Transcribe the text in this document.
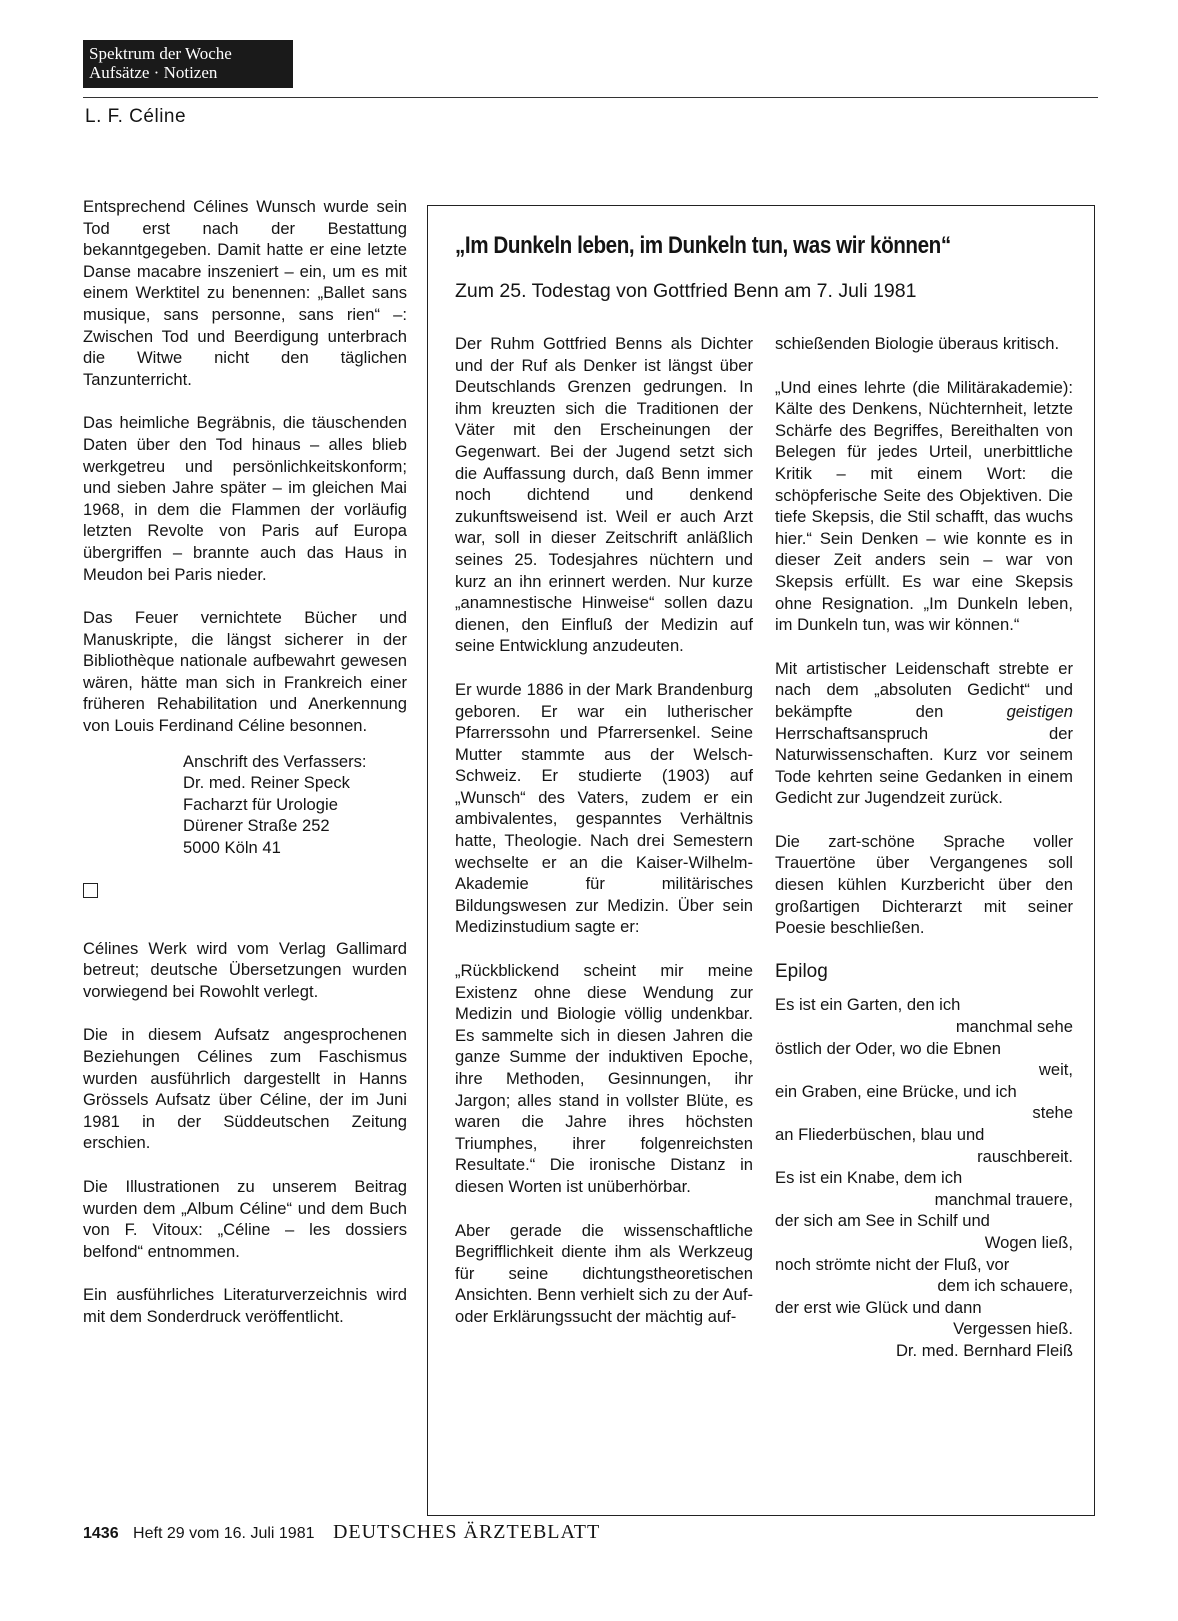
Spektrum der Woche
Aufsätze · Notizen
L. F. Céline

Entsprechend Célines Wunsch wurde sein Tod erst nach der Bestattung bekanntgegeben. Damit hatte er eine letzte Danse macabre inszeniert – ein, um es mit einem Werktitel zu benennen: „Ballet sans musique, sans personne, sans rien“ –: Zwischen Tod und Beerdigung unterbrach die Witwe nicht den täglichen Tanzunterricht.

Das heimliche Begräbnis, die täuschenden Daten über den Tod hinaus – alles blieb werkgetreu und persönlichkeitskonform; und sieben Jahre später – im gleichen Mai 1968, in dem die Flammen der vorläufig letzten Revolte von Paris auf Europa übergriffen – brannte auch das Haus in Meudon bei Paris nieder.

Das Feuer vernichtete Bücher und Manuskripte, die längst sicherer in der Bibliothèque nationale aufbewahrt gewesen wären, hätte man sich in Frankreich einer früheren Rehabilitation und Anerkennung von Louis Ferdinand Céline besonnen.

Anschrift des Verfassers:
Dr. med. Reiner Speck
Facharzt für Urologie
Dürener Straße 252
5000 Köln 41

Célines Werk wird vom Verlag Gallimard betreut; deutsche Übersetzungen wurden vorwiegend bei Rowohlt verlegt.

Die in diesem Aufsatz angesprochenen Beziehungen Célines zum Faschismus wurden ausführlich dargestellt in Hanns Grössels Aufsatz über Céline, der im Juni 1981 in der Süddeutschen Zeitung erschien.

Die Illustrationen zu unserem Beitrag wurden dem „Album Céline“ und dem Buch von F. Vitoux: „Céline – les dossiers belfond“ entnommen.

Ein ausführliches Literaturverzeichnis wird mit dem Sonderdruck veröffentlicht.

„Im Dunkeln leben, im Dunkeln tun, was wir können“
Zum 25. Todestag von Gottfried Benn am 7. Juli 1981

Der Ruhm Gottfried Benns als Dichter und der Ruf als Denker ist längst über Deutschlands Grenzen gedrungen. In ihm kreuzten sich die Traditionen der Väter mit den Erscheinungen der Gegenwart. Bei der Jugend setzt sich die Auffassung durch, daß Benn immer noch dichtend und denkend zukunftsweisend ist. Weil er auch Arzt war, soll in dieser Zeitschrift anläßlich seines 25. Todesjahres nüchtern und kurz an ihn erinnert werden. Nur kurze „anamnestische Hinweise“ sollen dazu dienen, den Einfluß der Medizin auf seine Entwicklung anzudeuten.

Er wurde 1886 in der Mark Brandenburg geboren. Er war ein lutherischer Pfarrerssohn und Pfarrersenkel. Seine Mutter stammte aus der Welsch-Schweiz. Er studierte (1903) auf „Wunsch“ des Vaters, zudem er ein ambivalentes, gespanntes Verhältnis hatte, Theologie. Nach drei Semestern wechselte er an die Kaiser-Wilhelm-Akademie für militärisches Bildungswesen zur Medizin. Über sein Medizinstudium sagte er:

„Rückblickend scheint mir meine Existenz ohne diese Wendung zur Medizin und Biologie völlig undenkbar. Es sammelte sich in diesen Jahren die ganze Summe der induktiven Epoche, ihre Methoden, Gesinnungen, ihr Jargon; alles stand in vollster Blüte, es waren die Jahre ihres höchsten Triumphes, ihrer folgenreichsten Resultate.“ Die ironische Distanz in diesen Worten ist unüberhörbar.

Aber gerade die wissenschaftliche Begrifflichkeit diente ihm als Werkzeug für seine dichtungstheoretischen Ansichten. Benn verhielt sich zu der Auf- oder Erklärungssucht der mächtig auf-

schießenden Biologie überaus kritisch.

„Und eines lehrte (die Militärakademie): Kälte des Denkens, Nüchternheit, letzte Schärfe des Begriffes, Bereithalten von Belegen für jedes Urteil, unerbittliche Kritik – mit einem Wort: die schöpferische Seite des Objektiven. Die tiefe Skepsis, die Stil schafft, das wuchs hier.“ Sein Denken – wie konnte es in dieser Zeit anders sein – war von Skepsis erfüllt. Es war eine Skepsis ohne Resignation. „Im Dunkeln leben, im Dunkeln tun, was wir können.“

Mit artistischer Leidenschaft strebte er nach dem „absoluten Gedicht“ und bekämpfte den	geistigen Herrschaftsanspruch der Naturwissenschaften. Kurz vor seinem Tode kehrten seine Gedanken in einem Gedicht zur Jugendzeit zurück.

Die zart-schöne Sprache voller Trauertöne über Vergangenes soll diesen kühlen Kurzbericht über den großartigen Dichterarzt mit seiner Poesie beschließen.

Epilog
Es ist ein Garten, den ich
manchmal sehe
östlich der Oder, wo die Ebnen
weit,
ein Graben, eine Brücke, und ich
stehe
an Fliederbüschen, blau und
rauschbereit.
Es ist ein Knabe, dem ich
manchmal trauere,
der sich am See in Schilf und
Wogen ließ,
noch strömte nicht der Fluß, vor
dem ich schauere,
der erst wie Glück und dann
Vergessen hieß.
Dr. med. Bernhard Fleiß
1436 Heft 29 vom 16. Juli 1981 DEUTSCHES ÄRZTEBLATT
